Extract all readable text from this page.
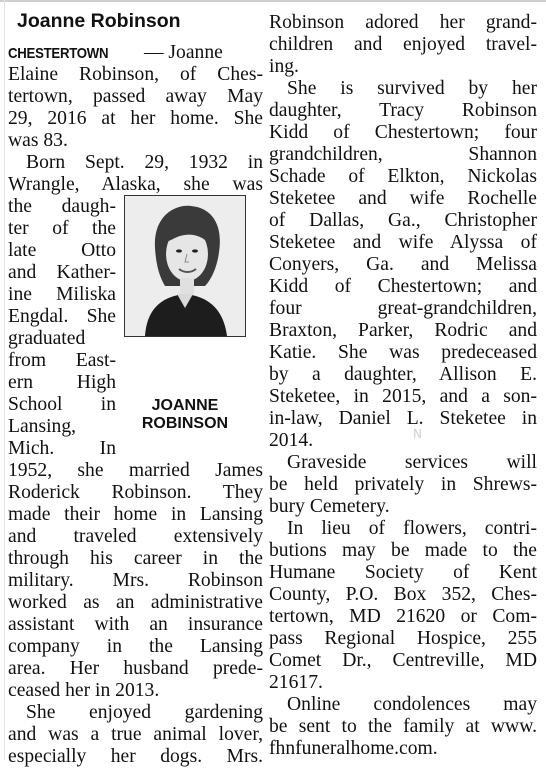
Joanne Robinson
CHESTERTOWN — Joanne
Elaine Robinson, of Ches-
tertown, passed away May
29, 2016 at her home. She
was 83.
Born Sept. 29, 1932 in
Wrangle, Alaska, she was
the daugh-
ter of the
late Otto
and Kather-
ine Miliska
Engdal. She
graduated
from East-
ern High
School in
Lansing,
Mich. In
1952, she married James
Roderick Robinson. They
made their home in Lansing
and traveled extensively
through his career in the
military. Mrs. Robinson
worked as an administrative
assistant with an insurance
company in the Lansing
area. Her husband prede-
ceased her in 2013.
She enjoyed gardening
and was a true animal lover,
especially her dogs. Mrs.
Robinson adored her grand-
children and enjoyed travel-
ing.
She is survived by her
daughter, Tracy Robinson
Kidd of Chestertown; four
grandchildren, Shannon
Schade of Elkton, Nickolas
Steketee and wife Rochelle
of Dallas, Ga., Christopher
Steketee and wife Alyssa of
Conyers, Ga. and Melissa
Kidd of Chestertown; and
four great-grandchildren,
Braxton, Parker, Rodric and
Katie. She was predeceased
by a daughter, Allison E.
Steketee, in 2015, and a son-
in-law, Daniel L. Steketee in
2014.
Graveside services will
be held privately in Shrews-
bury Cemetery.
In lieu of flowers, contri-
butions may be made to the
Humane Society of Kent
County, P.O. Box 352, Ches-
tertown, MD 21620 or Com-
pass Regional Hospice, 255
Comet Dr., Centreville, MD
21617.
Online condolences may
be sent to the family at www.
fhnfuneralhome.com.
JOANNE
ROBINSON
N
